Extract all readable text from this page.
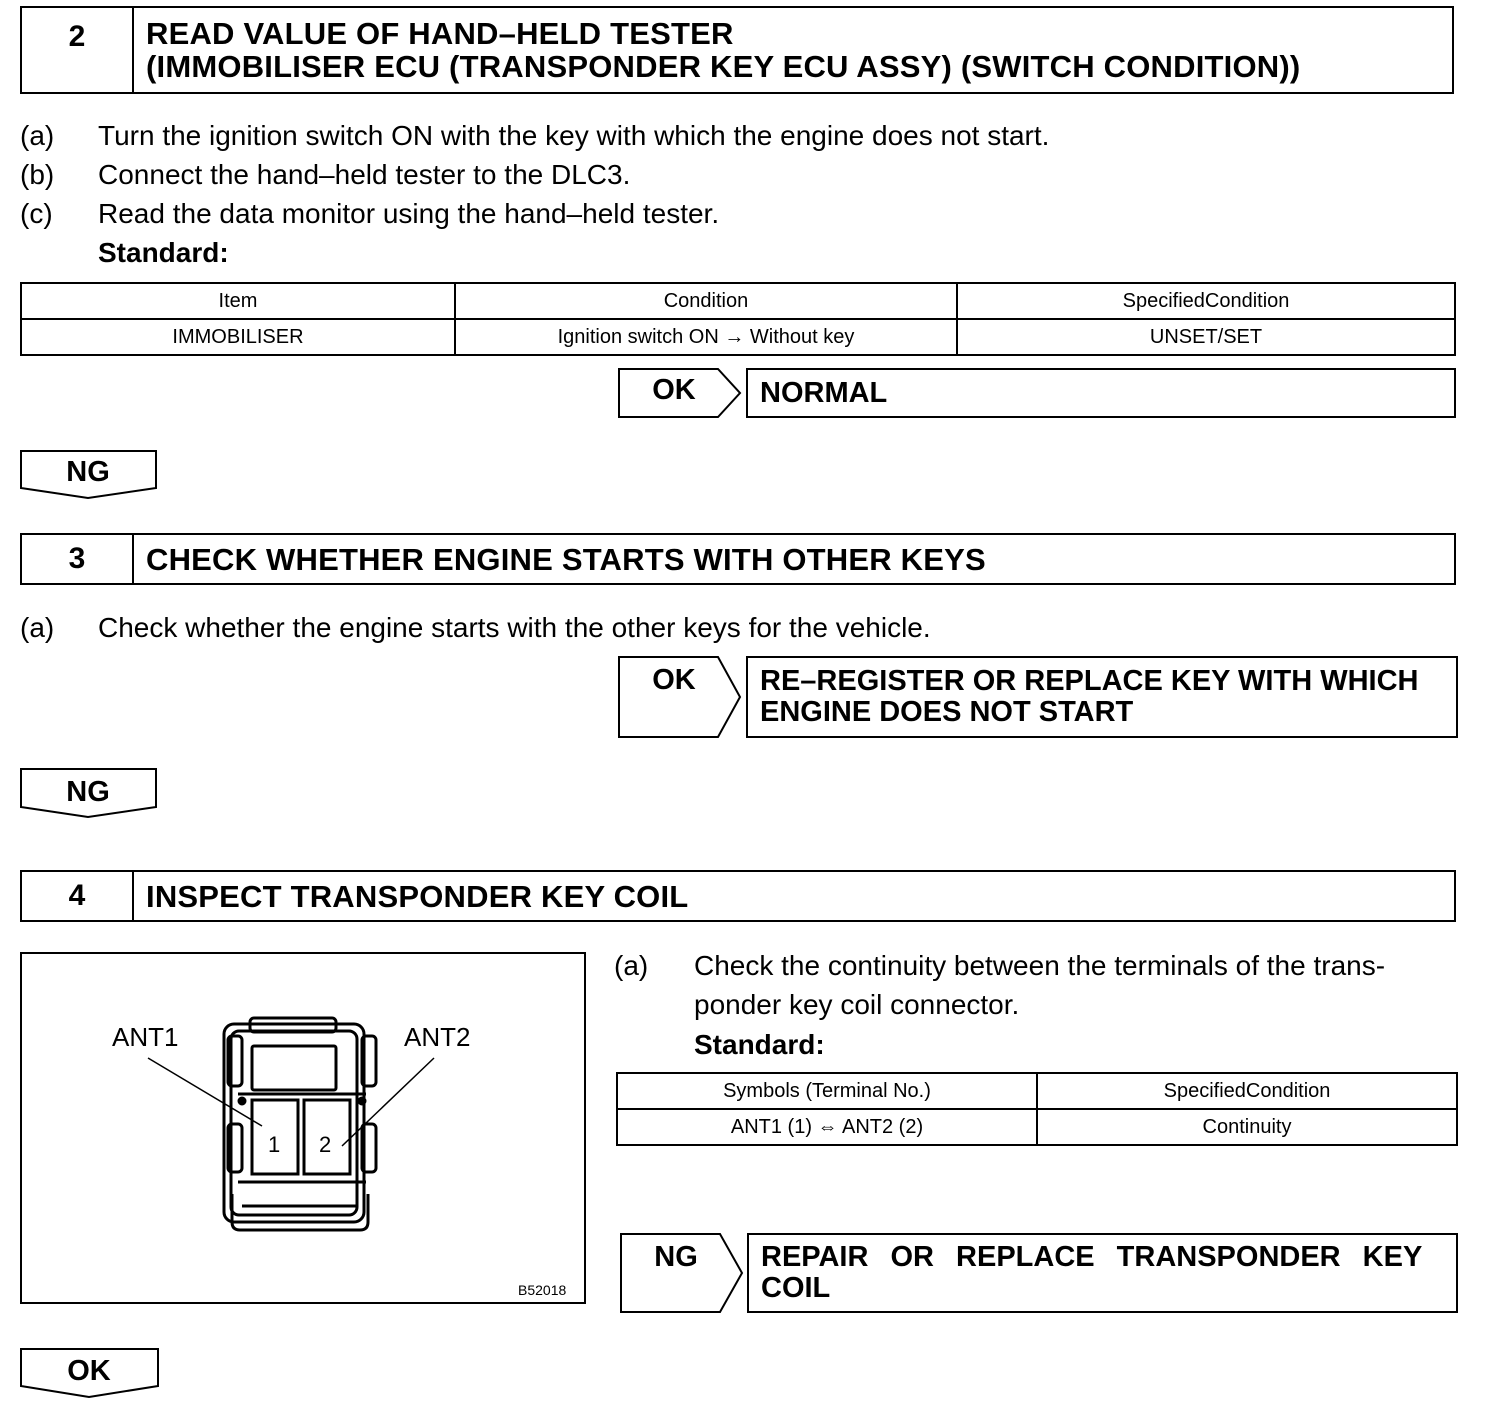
2 READ VALUE OF HAND–HELD TESTER
(IMMOBILISER ECU (TRANSPONDER KEY ECU ASSY) (SWITCH CONDITION))
(a) Turn the ignition switch ON with the key with which the engine does not start.
(b) Connect the hand–held tester to the DLC3.
(c) Read the data monitor using the hand–held tester.
Standard:
Item	Condition	SpecifiedCondition
IMMOBILISER	Ignition switch ON → Without key	UNSET/SET
OK	NORMAL
NG
3 CHECK WHETHER ENGINE STARTS WITH OTHER KEYS
(a) Check whether the engine starts with the other keys for the vehicle.
OK	RE–REGISTER OR REPLACE KEY WITH WHICH
ENGINE DOES NOT START
NG
4 INSPECT TRANSPONDER KEY COIL
ANT1	ANT2
1 2
B52018
(a) Check the continuity between the terminals of the trans-
ponder key coil connector.
Standard:
Symbols (Terminal No.)	SpecifiedCondition
ANT1 (1) ⇔ ANT2 (2)	Continuity
NG	REPAIR OR REPLACE TRANSPONDER KEY
COIL
OK
